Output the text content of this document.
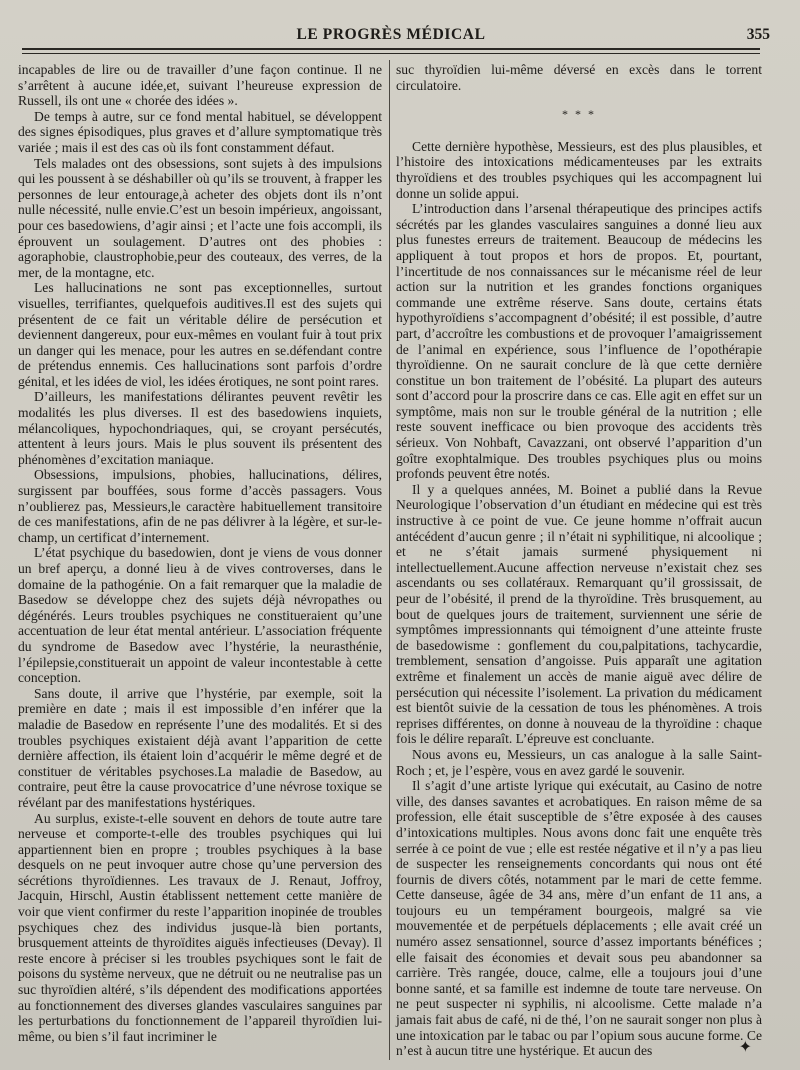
LE PROGRÈS MÉDICAL	355

incapables de lire ou de travailler d’une façon continue. Il ne s’arrêtent à aucune idée,et, suivant l’heureuse expression de Russell, ils ont une « chorée des idées ».

De temps à autre, sur ce fond mental habituel, se développent des signes épisodiques, plus graves et d’allure symptomatique très variée ; mais il est des cas où ils font constamment défaut.

Tels malades ont des obsessions, sont sujets à des impulsions qui les poussent à se déshabiller où qu’ils se trouvent, à frapper les personnes de leur entourage,à acheter des objets dont ils n’ont nulle nécessité, nulle envie.C’est un besoin impérieux, angoissant, pour ces basedowiens, d’agir ainsi ; et l’acte une fois accompli, ils éprouvent un soulagement. D’autres ont des phobies : agoraphobie, claustrophobie,peur des couteaux, des verres, de la mer, de la montagne, etc.

Les hallucinations ne sont pas exceptionnelles, surtout visuelles, terrifiantes, quelquefois auditives.Il est des sujets qui présentent de ce fait un véritable délire de persécution et deviennent dangereux, pour eux-mêmes en voulant fuir à tout prix un danger qui les menace, pour les autres en se.défendant contre de prétendus ennemis. Ces hallucinations sont parfois d’ordre génital, et les idées de viol, les idées érotiques, ne sont point rares.

D’ailleurs, les manifestations délirantes peuvent revêtir les modalités les plus diverses. Il est des basedowiens inquiets, mélancoliques, hypochondriaques, qui, se croyant persécutés, attentent à leurs jours. Mais le plus souvent ils présentent des phénomènes d’excitation maniaque.

Obsessions, impulsions, phobies, hallucinations, délires, surgissent par bouffées, sous forme d’accès passagers. Vous n’oublierez pas, Messieurs,le caractère habituellement transitoire de ces manifestations, afin de ne pas délivrer à la légère, et sur-le-champ, un certificat d’internement.

L’état psychique du basedowien, dont je viens de vous donner un bref aperçu, a donné lieu à de vives controverses, dans le domaine de la pathogénie. On a fait remarquer que la maladie de Basedow se développe chez des sujets déjà névropathes ou dégénérés. Leurs troubles psychiques ne constitueraient qu’une accentuation de leur état mental antérieur. L’association fréquente du syndrome de Basedow avec l’hystérie, la neurasthénie, l’épilepsie,constituerait un appoint de valeur incontestable à cette conception.

Sans doute, il arrive que l’hystérie, par exemple, soit la première en date ; mais il est impossible d’en inférer que la maladie de Basedow en représente l’une des modalités. Et si des troubles psychiques existaient déjà avant l’apparition de cette dernière affection, ils étaient loin d’acquérir le même degré et de constituer de véritables psychoses.La maladie de Basedow, au contraire, peut être la cause provocatrice d’une névrose toxique se révélant par des manifestations hystériques.

Au surplus, existe-t-elle souvent en dehors de toute autre tare nerveuse et comporte-t-elle des troubles psychiques qui lui appartiennent bien en propre ; troubles psychiques à la base desquels on ne peut invoquer autre chose qu’une perversion des sécrétions thyroïdiennes. Les travaux de J. Renaut, Joffroy, Jacquin, Hirschl, Austin établissent nettement cette manière de voir que vient confirmer du reste l’apparition inopinée de troubles psychiques chez des individus jusque-là bien portants, brusquement atteints de thyroïdites aiguës infectieuses (Devay). Il reste encore à préciser si les troubles psychiques sont le fait de poisons du système nerveux, que ne détruit ou ne neutralise pas un suc thyroïdien altéré, s’ils dépendent des modifications apportées au fonctionnement des diverses glandes vasculaires sanguines par les perturbations du fonctionnement de l’appareil thyroïdien lui-même, ou bien s’il faut incriminer le

suc thyroïdien lui-même déversé en excès dans le torrent circulatoire.

* * *

Cette dernière hypothèse, Messieurs, est des plus plausibles, et l’histoire des intoxications médicamenteuses par les extraits thyroïdiens et des troubles psychiques qui les accompagnent lui donne un solide appui.

L’introduction dans l’arsenal thérapeutique des principes actifs sécrétés par les glandes vasculaires sanguines a donné lieu aux plus funestes erreurs de traitement. Beaucoup de médecins les appliquent à tout propos et hors de propos. Et, pourtant, l’incertitude de nos connaissances sur le mécanisme réel de leur action sur la nutrition et les grandes fonctions organiques commande une extrême réserve. Sans doute, certains états hypothyroïdiens s’accompagnent d’obésité; il est possible, d’autre part, d’accroître les combustions et de provoquer l’amaigrissement de l’animal en expérience, sous l’influence de l’opothérapie thyroïdienne. On ne saurait conclure de là que cette dernière constitue un bon traitement de l’obésité. La plupart des auteurs sont d’accord pour la proscrire dans ce cas. Elle agit en effet sur un symptôme, mais non sur le trouble général de la nutrition ; elle reste souvent inefficace ou bien provoque des accidents très sérieux. Von Nohbaft, Cavazzani, ont observé l’apparition d’un goître exophtalmique. Des troubles psychiques plus ou moins profonds peuvent être notés.

Il y a quelques années, M. Boinet a publié dans la Revue Neurologique l’observation d’un étudiant en médecine qui est très instructive à ce point de vue. Ce jeune homme n’offrait aucun antécédent d’aucun genre ; il n’était ni syphilitique, ni alcoolique ; et ne s’était jamais surmené physiquement ni intellectuellement.Aucune affection nerveuse n’existait chez ses ascendants ou ses collatéraux. Remarquant qu’il grossissait, de peur de l’obésité, il prend de la thyroïdine. Très brusquement, au bout de quelques jours de traitement, surviennent une série de symptômes impressionnants qui témoignent d’une atteinte fruste de basedowisme : gonflement du cou,palpitations, tachycardie, tremblement, sensation d’angoisse. Puis apparaît une agitation extrême et finalement un accès de manie aiguë avec délire de persécution qui nécessite l’isolement. La privation du médicament est bientôt suivie de la cessation de tous les phénomènes. A trois reprises différentes, on donne à nouveau de la thyroïdine : chaque fois le délire reparaît. L’épreuve est concluante.

Nous avons eu, Messieurs, un cas analogue à la salle Saint-Roch ; et, je l’espère, vous en avez gardé le souvenir.

Il s’agit d’une artiste lyrique qui exécutait, au Casino de notre ville, des danses savantes et acrobatiques. En raison même de sa profession, elle était susceptible de s’être exposée à des causes d’intoxications multiples. Nous avons donc fait une enquête très serrée à ce point de vue ; elle est restée négative et il n’y a pas lieu de suspecter les renseignements concordants qui nous ont été fournis de divers côtés, notamment par le mari de cette femme. Cette danseuse, âgée de 34 ans, mère d’un enfant de 11 ans, a toujours eu un tempérament bourgeois, malgré sa vie mouvementée et de perpétuels déplacements ; elle avait créé un numéro assez sensationnel, source d’assez importants bénéfices ; elle faisait des économies et devait sous peu abandonner sa carrière. Très rangée, douce, calme, elle a toujours joui d’une bonne santé, et sa famille est indemne de toute tare nerveuse. On ne peut suspecter ni syphilis, ni alcoolisme. Cette malade n’a jamais fait abus de café, ni de thé, l’on ne saurait songer non plus à une intoxication par le tabac ou par l’opium sous aucune forme. Ce n’est à aucun titre une hystérique. Et aucun des	✦
